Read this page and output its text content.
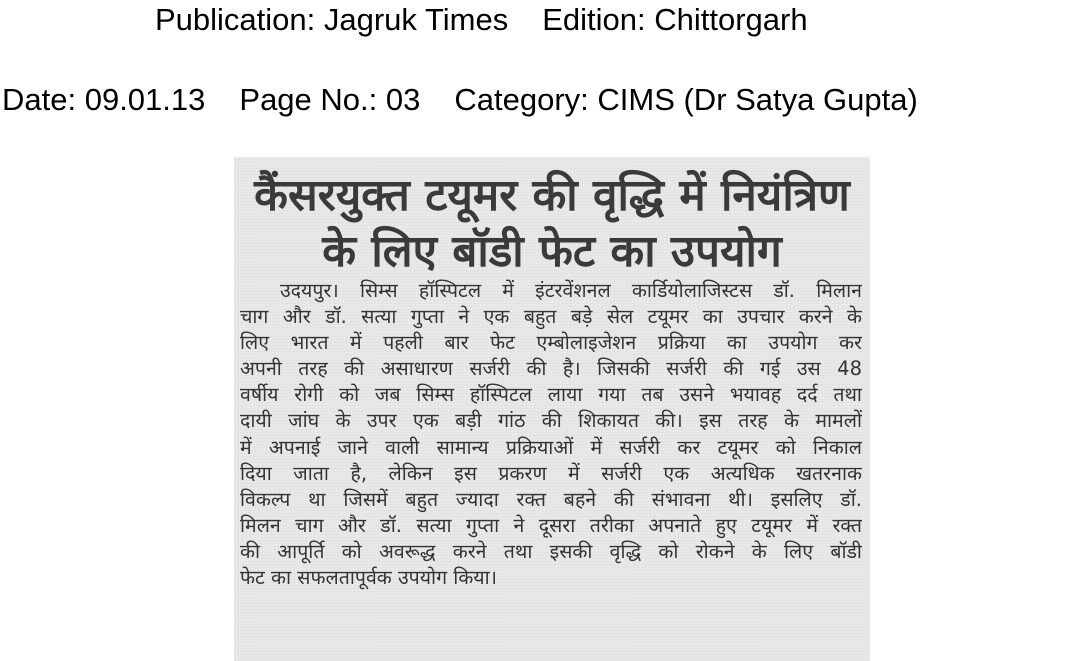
Publication: Jagruk Times Edition: Chittorgarh
Date: 09.01.13 Page No.: 03 Category: CIMS (Dr Satya Gupta)
कैंसरयुक्त टयूमर की वृद्धि में नियंत्रिण
के लिए बॉडी फेट का उपयोग
उदयपुर। सिम्स हॉस्पिटल में इंटरवेंशनल कार्डियोलाजिस्टस डॉ. मिलान
चाग और डॉ. सत्या गुप्ता ने एक बहुत बड़े सेल टयूमर का उपचार करने के
लिए भारत में पहली बार फेट एम्बोलाइजेशन प्रक्रिया का उपयोग कर
अपनी तरह की असाधारण सर्जरी की है। जिसकी सर्जरी की गई उस 48
वर्षीय रोगी को जब सिम्स हॉस्पिटल लाया गया तब उसने भयावह दर्द तथा
दायी जांघ के उपर एक बड़ी गांठ की शिकायत की। इस तरह के मामलों
में अपनाई जाने वाली सामान्य प्रक्रियाओं में सर्जरी कर टयूमर को निकाल
दिया जाता है, लेकिन इस प्रकरण में सर्जरी एक अत्यधिक खतरनाक
विकल्प था जिसमें बहुत ज्यादा रक्त बहने की संभावना थी। इसलिए डॉ.
मिलन चाग और डॉ. सत्या गुप्ता ने दूसरा तरीका अपनाते हुए टयूमर में रक्त
की आपूर्ति को अवरूद्ध करने तथा इसकी वृद्धि को रोकने के लिए बॉडी
फेट का सफलतापूर्वक उपयोग किया।
